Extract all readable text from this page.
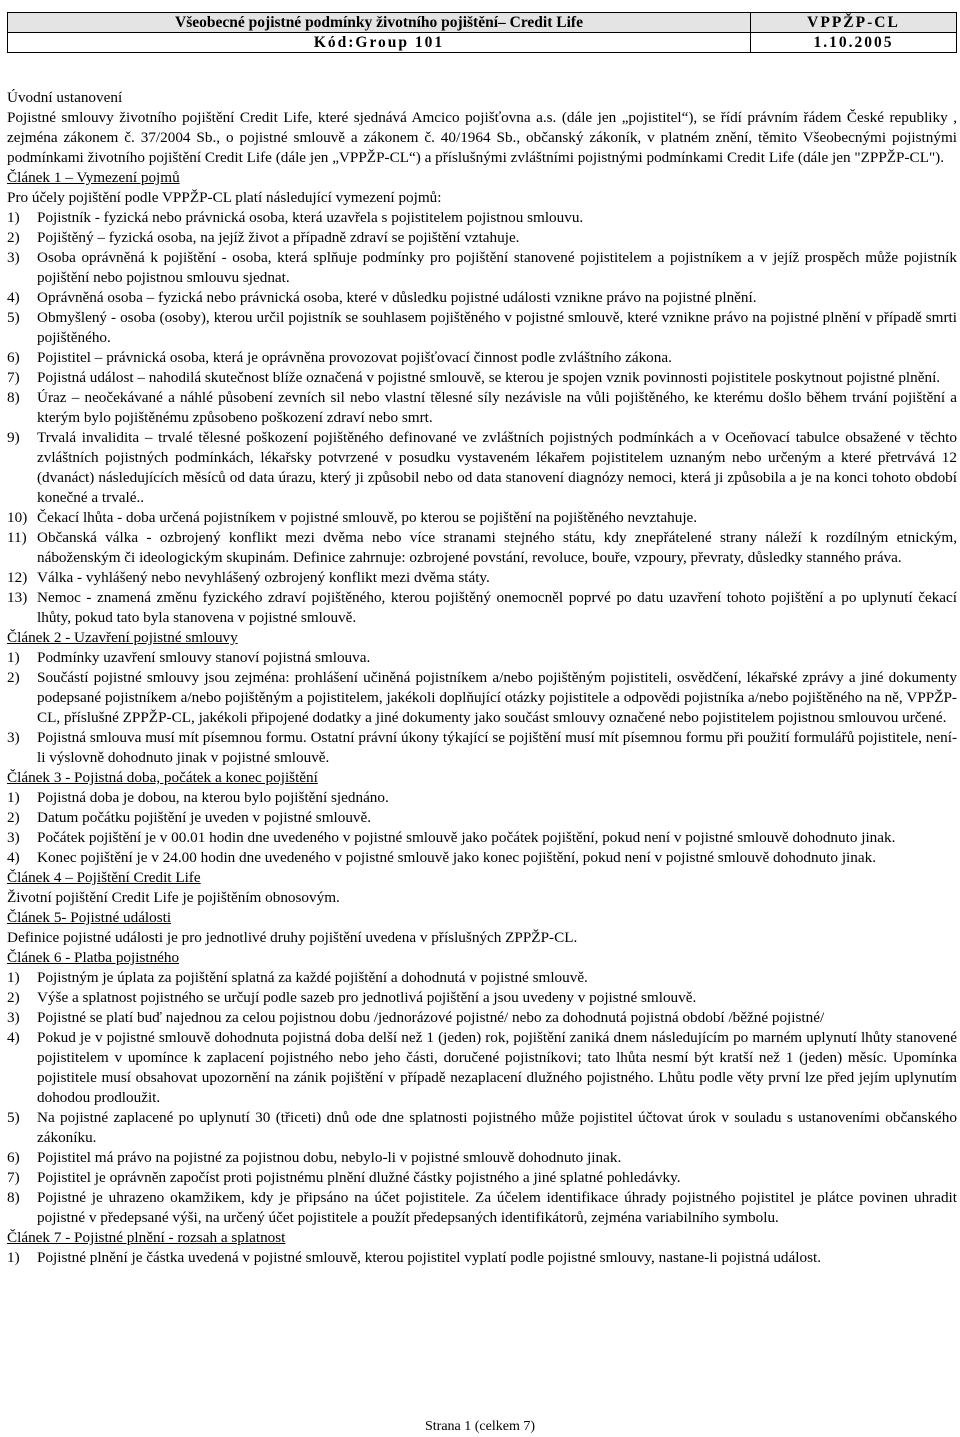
Všeobecné pojistné podmínky životního pojištění– Credit Life	VPPŽP-CL
Kód:Group 101	1.10.2005

Úvodní ustanovení

Pojistné smlouvy životního pojištění Credit Life, které sjednává Amcico pojišťovna a.s. (dále jen „pojistitel“), se řídí právním řádem České republiky , zejména zákonem č. 37/2004 Sb., o pojistné smlouvě a zákonem č. 40/1964 Sb., občanský zákoník, v platném znění, těmito Všeobecnými pojistnými podmínkami životního pojištění Credit Life (dále jen „VPPŽP-CL“) a příslušnými zvláštními pojistnými podmínkami Credit Life (dále jen "ZPPŽP-CL").

Článek 1 – Vymezení pojmů

Pro účely pojištění podle VPPŽP-CL platí následující vymezení pojmů:

1)	Pojistník - fyzická nebo právnická osoba, která uzavřela s pojistitelem pojistnou smlouvu.
2)	Pojištěný – fyzická osoba, na jejíž život a případně zdraví se pojištění vztahuje.
3)	Osoba oprávněná k pojištění - osoba, která splňuje podmínky pro pojištění stanovené pojistitelem a pojistníkem a v jejíž prospěch může pojistník pojištění nebo pojistnou smlouvu sjednat.
4)	Oprávněná osoba – fyzická nebo právnická osoba, které v důsledku pojistné události vznikne právo na pojistné plnění.
5)	Obmyšlený - osoba (osoby), kterou určil pojistník se souhlasem pojištěného v pojistné smlouvě, které vznikne právo na pojistné plnění v případě smrti pojištěného.
6)	Pojistitel – právnická osoba, která je oprávněna provozovat pojišťovací činnost podle zvláštního zákona.
7)	Pojistná událost – nahodilá skutečnost blíže označená v pojistné smlouvě, se kterou je spojen vznik povinnosti pojistitele poskytnout pojistné plnění.
8)	Úraz – neočekávané a náhlé působení zevních sil nebo vlastní tělesné síly nezávisle na vůli pojištěného, ke kterému došlo během trvání pojištění a kterým bylo pojištěnému způsobeno poškození zdraví nebo smrt.
9)	Trvalá invalidita – trvalé tělesné poškození pojištěného definované ve zvláštních pojistných podmínkách a v Oceňovací tabulce obsažené v těchto zvláštních pojistných podmínkách, lékařsky potvrzené v posudku vystaveném lékařem pojistitelem uznaným nebo určeným a které přetrvává 12 (dvanáct) následujících měsíců od data úrazu, který ji způsobil nebo od data stanovení diagnózy nemoci, která ji způsobila a je na konci tohoto období konečné a trvalé..
10) Čekací lhůta - doba určená pojistníkem v pojistné smlouvě, po kterou se pojištění na pojištěného nevztahuje.
11) Občanská válka - ozbrojený konflikt mezi dvěma nebo více stranami stejného státu, kdy znepřátelené strany náleží k rozdílným etnickým, náboženským či ideologickým skupinám. Definice zahrnuje: ozbrojené povstání, revoluce, bouře, vzpoury, převraty, důsledky stanného práva.
12) Válka - vyhlášený nebo nevyhlášený ozbrojený konflikt mezi dvěma státy.
13) Nemoc - znamená změnu fyzického zdraví pojištěného, kterou pojištěný onemocněl poprvé po datu uzavření tohoto pojištění a po uplynutí čekací lhůty, pokud tato byla stanovena v pojistné smlouvě.

Článek 2 - Uzavření pojistné smlouvy

1)	Podmínky uzavření smlouvy stanoví pojistná smlouva.
2)	Součástí pojistné smlouvy jsou zejména: prohlášení učiněná pojistníkem a/nebo pojištěným pojistiteli, osvědčení, lékařské zprávy a jiné dokumenty podepsané pojistníkem a/nebo pojištěným a pojistitelem, jakékoli doplňující otázky pojistitele a odpovědi pojistníka a/nebo pojištěného na ně, VPPŽP-CL, příslušné ZPPŽP-CL, jakékoli připojené dodatky a jiné dokumenty jako součást smlouvy označené nebo pojistitelem pojistnou smlouvou určené.
3)	Pojistná smlouva musí mít písemnou formu. Ostatní právní úkony týkající se pojištění musí mít písemnou formu při použití formulářů pojistitele, není-li výslovně dohodnuto jinak v pojistné smlouvě.

Článek 3 - Pojistná doba, počátek a konec pojištění

1)	Pojistná doba je dobou, na kterou bylo pojištění sjednáno.
2)	Datum počátku pojištění je uveden v pojistné smlouvě.
3)	Počátek pojištění je v 00.01 hodin dne uvedeného v pojistné smlouvě jako počátek pojištění, pokud není v pojistné smlouvě dohodnuto jinak.
4)	Konec pojištění je v 24.00 hodin dne uvedeného v pojistné smlouvě jako konec pojištění, pokud není v pojistné smlouvě dohodnuto jinak.

Článek 4 – Pojištění Credit Life

Životní pojištění Credit Life je pojištěním obnosovým.

Článek 5- Pojistné události

Definice pojistné události je pro jednotlivé druhy pojištění uvedena v příslušných ZPPŽP-CL.

Článek 6 - Platba pojistného

1)	Pojistným je úplata za pojištění splatná za každé pojištění a dohodnutá v pojistné smlouvě.
2)	Výše a splatnost pojistného se určují podle sazeb pro jednotlivá pojištění a jsou uvedeny v pojistné smlouvě.
3)	Pojistné se platí buď najednou za celou pojistnou dobu /jednorázové pojistné/ nebo za dohodnutá pojistná období /běžné pojistné/
4)	Pokud je v pojistné smlouvě dohodnuta pojistná doba delší než 1 (jeden) rok, pojištění zaniká dnem následujícím po marném uplynutí lhůty stanovené pojistitelem v upomínce k zaplacení pojistného nebo jeho části, doručené pojistníkovi; tato lhůta nesmí být kratší než 1 (jeden) měsíc. Upomínka pojistitele musí obsahovat upozornění na zánik pojištění v případě nezaplacení dlužného pojistného. Lhůtu podle věty první lze před jejím uplynutím dohodou prodloužit.
5)	Na pojistné zaplacené po uplynutí 30 (třiceti) dnů ode dne splatnosti pojistného může pojistitel účtovat úrok v souladu s ustanoveními občanského zákoníku.
6)	Pojistitel má právo na pojistné za pojistnou dobu, nebylo-li v pojistné smlouvě dohodnuto jinak.
7)	Pojistitel je oprávněn započíst proti pojistnému plnění dlužné částky pojistného a jiné splatné pohledávky.
8)	Pojistné je uhrazeno okamžikem, kdy je připsáno na účet pojistitele. Za účelem identifikace úhrady pojistného pojistitel je plátce povinen uhradit pojistné v předepsané výši, na určený účet pojistitele a použít předepsaných identifikátorů, zejména variabilního symbolu.

Článek 7 - Pojistné plnění - rozsah a splatnost

1)	Pojistné plnění je částka uvedená v pojistné smlouvě, kterou pojistitel vyplatí podle pojistné smlouvy, nastane-li pojistná událost.
Strana 1 (celkem 7)
